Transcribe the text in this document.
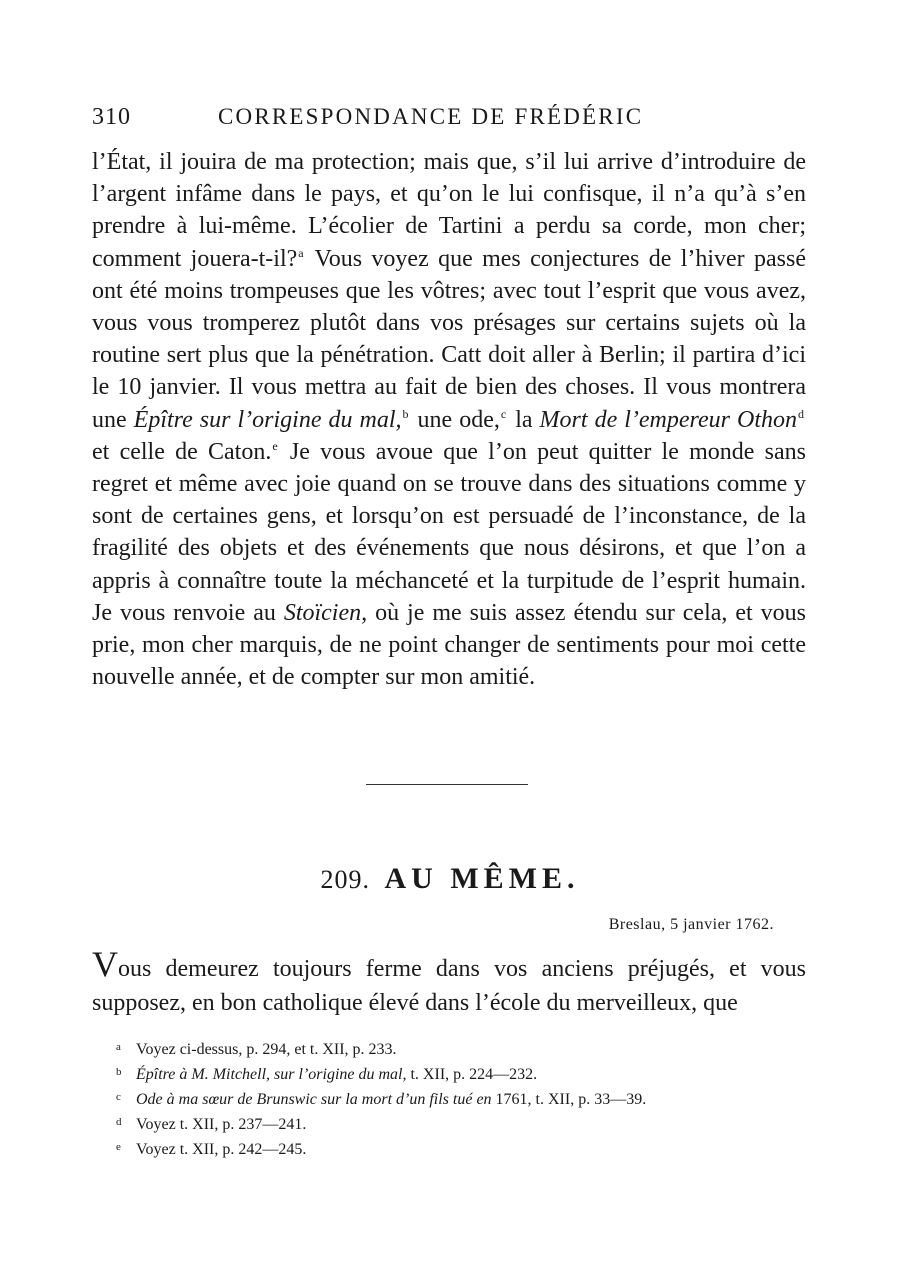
310	CORRESPONDANCE DE FRÉDÉRIC

l’État, il jouira de ma protection; mais que, s’il lui arrive d’introduire de l’argent infâme dans le pays, et qu’on le lui confisque, il n’a qu’à s’en prendre à lui-même. L’écolier de Tartini a perdu sa corde, mon cher; comment jouera-t-il?$^a$ Vous voyez que mes conjectures de l’hiver passé ont été moins trompeuses que les vôtres; avec tout l’esprit que vous avez, vous vous tromperez plutôt dans vos présages sur certains sujets où la routine sert plus que la pénétration. Catt doit aller à Berlin; il partira d’ici le 10 janvier. Il vous mettra au fait de bien des choses. Il vous montrera une Épître sur l’origine du mal,$^b$ une ode,$^c$ la Mort de l’empereur Othon$^d$ et celle de Caton.$^e$ Je vous avoue que l’on peut quitter le monde sans regret et même avec joie quand on se trouve dans des situations comme y sont de certaines gens, et lorsqu’on est persuadé de l’inconstance, de la fragilité des objets et des événements que nous désirons, et que l’on a appris à connaître toute la méchanceté et la turpitude de l’esprit humain. Je vous renvoie au Stoïcien, où je me suis assez étendu sur cela, et vous prie, mon cher marquis, de ne point changer de sentiments pour moi cette nouvelle année, et de compter sur mon amitié.

209. AU MÊME.
Breslau, 5 janvier 1762.
Vous demeurez toujours ferme dans vos anciens préjugés, et vous supposez, en bon catholique élevé dans l’école du merveilleux, que
a Voyez ci-dessus, p. 294, et t. XII, p. 233.
b Épître à M. Mitchell, sur l’origine du mal, t. XII, p. 224—232.
c Ode à ma sœur de Brunswic sur la mort d’un fils tué en 1761, t. XII, p. 33—39.
d Voyez t. XII, p. 237—241.
e Voyez t. XII, p. 242—245.
